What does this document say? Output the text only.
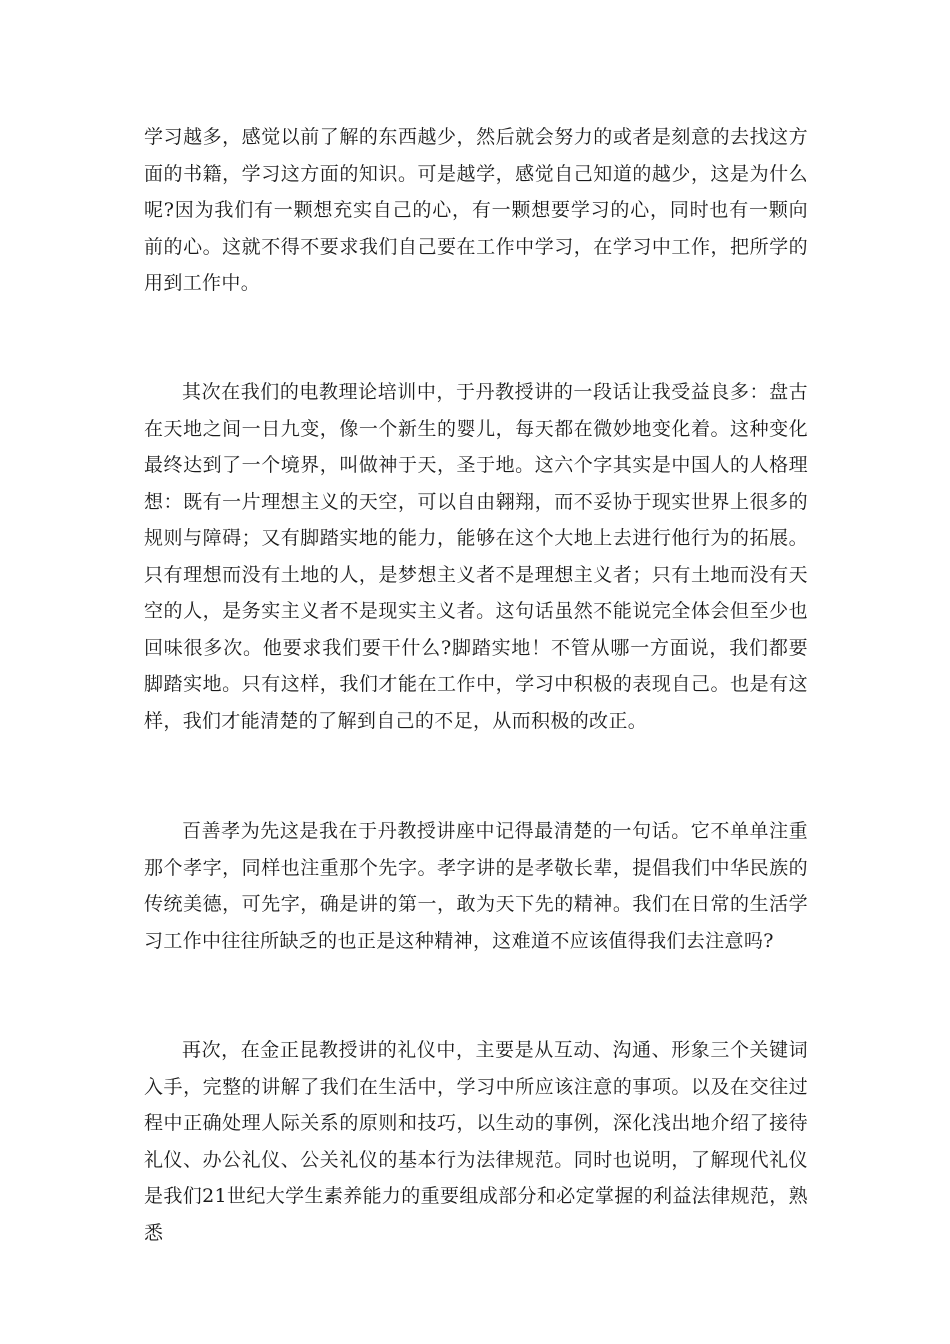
学习越多，感觉以前了解的东西越少，然后就会努力的或者是刻意的去找这方面的书籍，学习这方面的知识。可是越学，感觉自己知道的越少，这是为什么呢?因为我们有一颗想充实自己的心，有一颗想要学习的心，同时也有一颗向前的心。这就不得不要求我们自己要在工作中学习，在学习中工作，把所学的用到工作中。

其次在我们的电教理论培训中，于丹教授讲的一段话让我受益良多：盘古在天地之间一日九变，像一个新生的婴儿，每天都在微妙地变化着。这种变化最终达到了一个境界，叫做神于天，圣于地。这六个字其实是中国人的人格理想：既有一片理想主义的天空，可以自由翱翔，而不妥协于现实世界上很多的规则与障碍；又有脚踏实地的能力，能够在这个大地上去进行他行为的拓展。只有理想而没有土地的人，是梦想主义者不是理想主义者；只有土地而没有天空的人，是务实主义者不是现实主义者。这句话虽然不能说完全体会但至少也回味很多次。他要求我们要干什么?脚踏实地！不管从哪一方面说，我们都要脚踏实地。只有这样，我们才能在工作中，学习中积极的表现自己。也是有这样，我们才能清楚的了解到自己的不足，从而积极的改正。

百善孝为先这是我在于丹教授讲座中记得最清楚的一句话。它不单单注重那个孝字，同样也注重那个先字。孝字讲的是孝敬长辈，提倡我们中华民族的传统美德，可先字，确是讲的第一，敢为天下先的精神。我们在日常的生活学习工作中往往所缺乏的也正是这种精神，这难道不应该值得我们去注意吗?

再次，在金正昆教授讲的礼仪中，主要是从互动、沟通、形象三个关键词入手，完整的讲解了我们在生活中，学习中所应该注意的事项。以及在交往过程中正确处理人际关系的原则和技巧，以生动的事例，深化浅出地介绍了接待礼仪、办公礼仪、公关礼仪的基本行为法律规范。同时也说明，了解现代礼仪是我们21世纪大学生素养能力的重要组成部分和必定掌握的利益法律规范，熟悉
